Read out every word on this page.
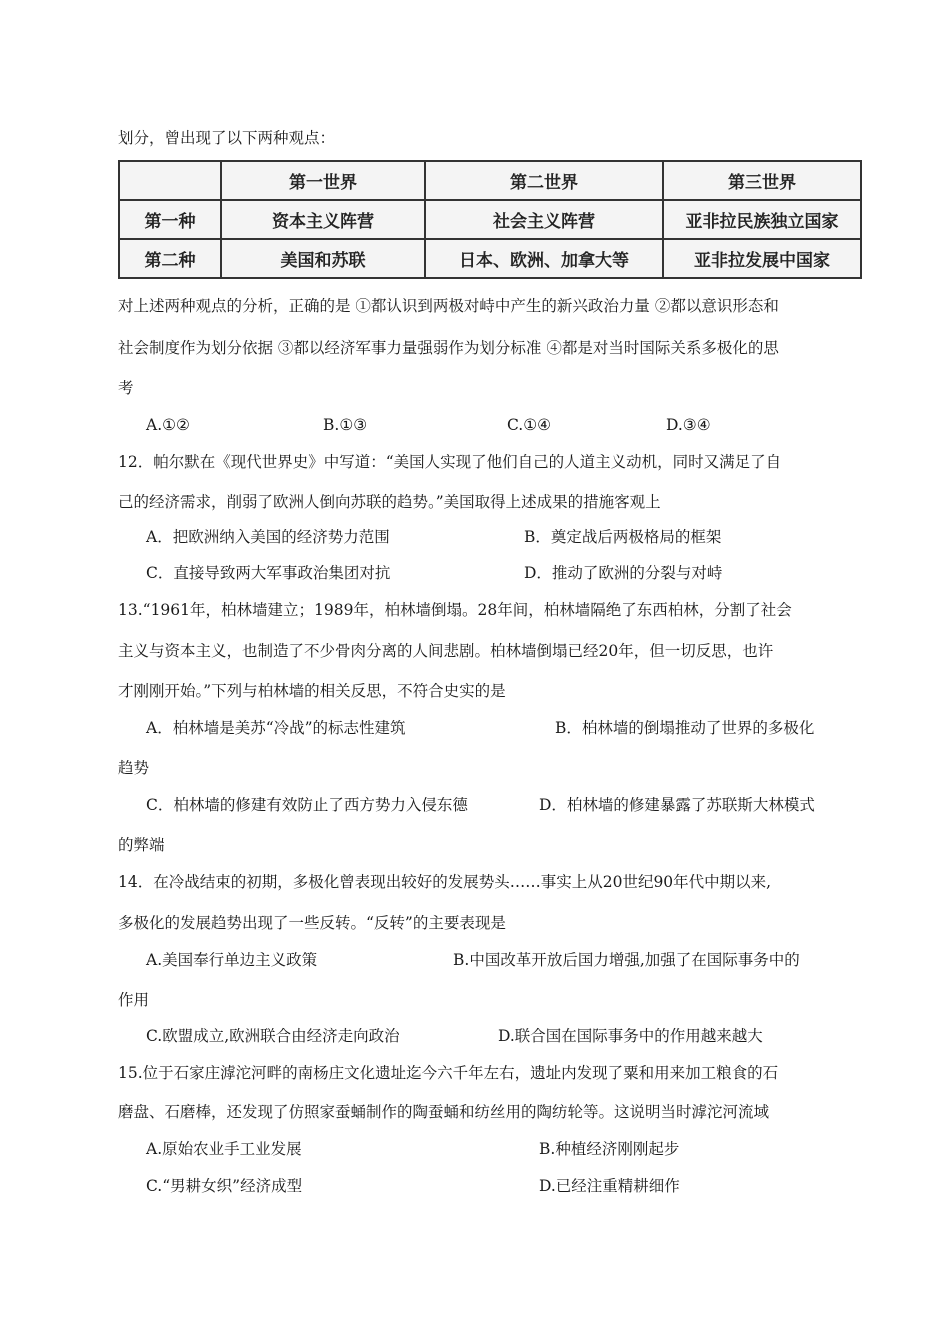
划分，曾出现了以下两种观点：
	第一世界	第二世界	第三世界
第一种	资本主义阵营	社会主义阵营	亚非拉民族独立国家
第二种	美国和苏联	日本、欧洲、加拿大等	亚非拉发展中国家
对上述两种观点的分析，正确的是 ①都认识到两极对峙中产生的新兴政治力量 ②都以意识形态和
社会制度作为划分依据 ③都以经济军事力量强弱作为划分标准 ④都是对当时国际关系多极化的思
考
A.①②	B.①③	C.①④	D.③④
12．帕尔默在《现代世界史》中写道：“美国人实现了他们自己的人道主义动机，同时又满足了自
己的经济需求，削弱了欧洲人倒向苏联的趋势。”美国取得上述成果的措施客观上
A．把欧洲纳入美国的经济势力范围	B．奠定战后两极格局的框架
C．直接导致两大军事政治集团对抗	D．推动了欧洲的分裂与对峙
13.“1961年，柏林墙建立；1989年，柏林墙倒塌。28年间，柏林墙隔绝了东西柏林，分割了社会
主义与资本主义，也制造了不少骨肉分离的人间悲剧。柏林墙倒塌已经20年，但一切反思，也许
才刚刚开始。”下列与柏林墙的相关反思，不符合史实的是
A．柏林墙是美苏“冷战”的标志性建筑	B．柏林墙的倒塌推动了世界的多极化
趋势
C．柏林墙的修建有效防止了西方势力入侵东德	D．柏林墙的修建暴露了苏联斯大林模式
的弊端
14．在冷战结束的初期，多极化曾表现出较好的发展势头……事实上从20世纪90年代中期以来,
多极化的发展趋势出现了一些反转。“反转”的主要表现是
A.美国奉行单边主义政策	B.中国改革开放后国力增强,加强了在国际事务中的
作用
C.欧盟成立,欧洲联合由经济走向政治	D.联合国在国际事务中的作用越来越大
15.位于石家庄滹沱河畔的南杨庄文化遗址迄今六千年左右，遗址内发现了粟和用来加工粮食的石
磨盘、石磨棒，还发现了仿照家蚕蛹制作的陶蚕蛹和纺丝用的陶纺轮等。这说明当时滹沱河流域
A.原始农业手工业发展	B.种植经济刚刚起步
C.“男耕女织”经济成型	D.已经注重精耕细作
